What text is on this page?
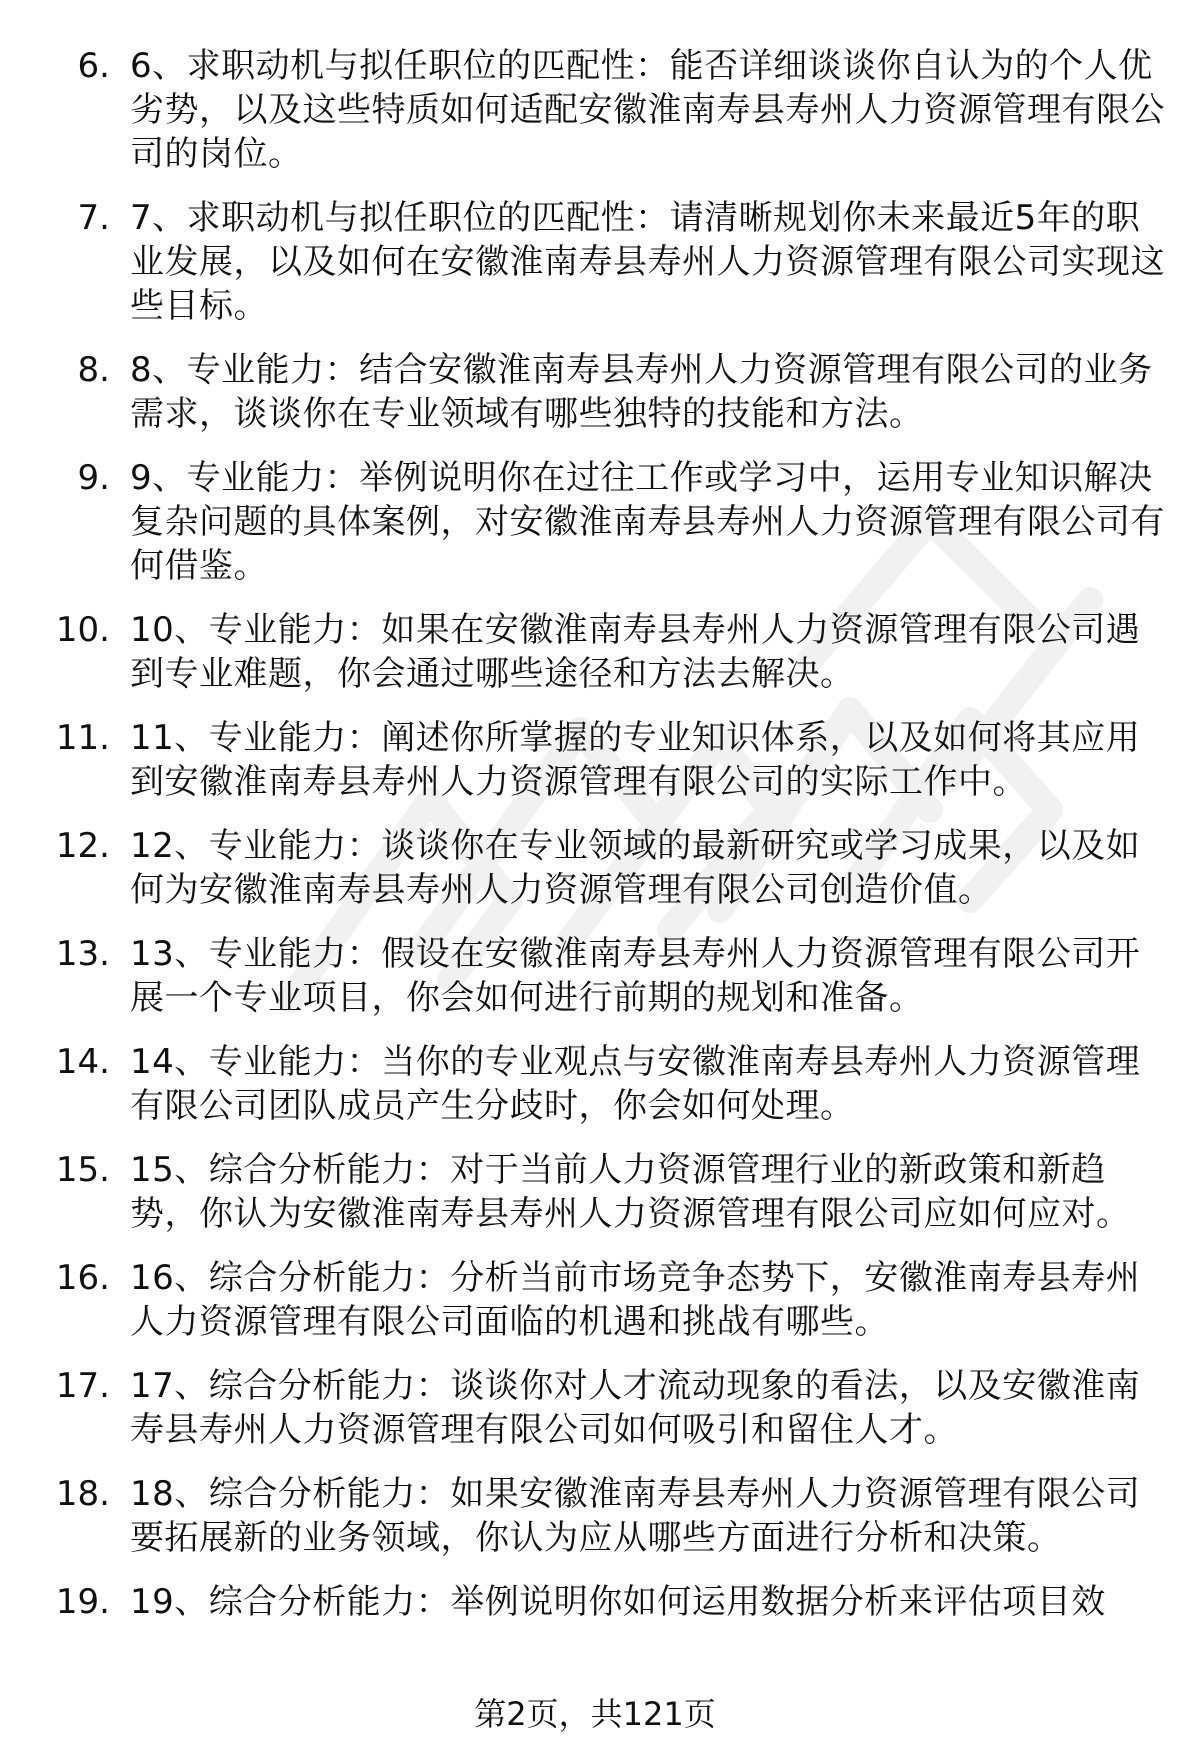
6. 6、求职动机与拟任职位的匹配性：能否详细谈谈你自认为的个人优劣势，以及这些特质如何适配安徽淮南寿县寿州人力资源管理有限公司的岗位。
7. 7、求职动机与拟任职位的匹配性：请清晰规划你未来最近5年的职业发展，以及如何在安徽淮南寿县寿州人力资源管理有限公司实现这些目标。
8. 8、专业能力：结合安徽淮南寿县寿州人力资源管理有限公司的业务需求，谈谈你在专业领域有哪些独特的技能和方法。
9. 9、专业能力：举例说明你在过往工作或学习中，运用专业知识解决复杂问题的具体案例，对安徽淮南寿县寿州人力资源管理有限公司有何借鉴。
10. 10、专业能力：如果在安徽淮南寿县寿州人力资源管理有限公司遇到专业难题，你会通过哪些途径和方法去解决。
11. 11、专业能力：阐述你所掌握的专业知识体系，以及如何将其应用到安徽淮南寿县寿州人力资源管理有限公司的实际工作中。
12. 12、专业能力：谈谈你在专业领域的最新研究或学习成果，以及如何为安徽淮南寿县寿州人力资源管理有限公司创造价值。
13. 13、专业能力：假设在安徽淮南寿县寿州人力资源管理有限公司开展一个专业项目，你会如何进行前期的规划和准备。
14. 14、专业能力：当你的专业观点与安徽淮南寿县寿州人力资源管理有限公司团队成员产生分歧时，你会如何处理。
15. 15、综合分析能力：对于当前人力资源管理行业的新政策和新趋势，你认为安徽淮南寿县寿州人力资源管理有限公司应如何应对。
16. 16、综合分析能力：分析当前市场竞争态势下，安徽淮南寿县寿州人力资源管理有限公司面临的机遇和挑战有哪些。
17. 17、综合分析能力：谈谈你对人才流动现象的看法，以及安徽淮南寿县寿州人力资源管理有限公司如何吸引和留住人才。
18. 18、综合分析能力：如果安徽淮南寿县寿州人力资源管理有限公司要拓展新的业务领域，你认为应从哪些方面进行分析和决策。
19. 19、综合分析能力：举例说明你如何运用数据分析来评估项目效
第2页，共121页
